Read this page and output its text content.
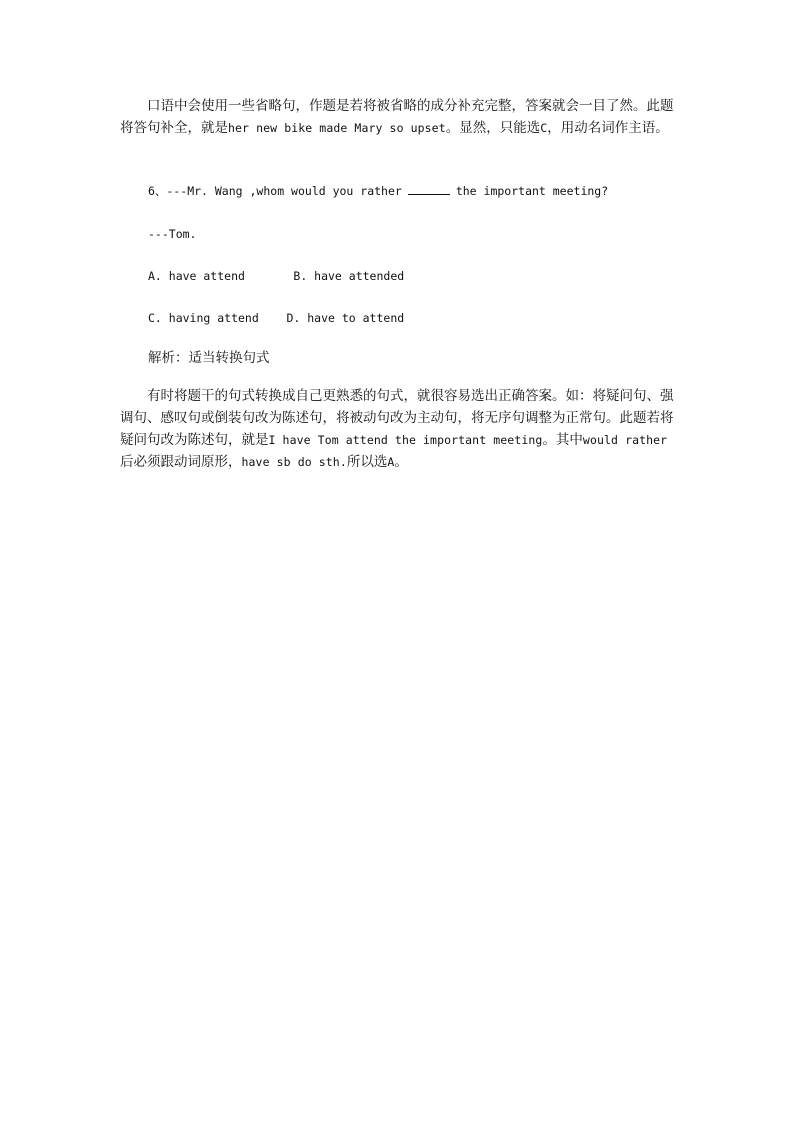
口语中会使用一些省略句，作题是若将被省略的成分补充完整，答案就会一目了然。此题将答句补全，就是her new bike made Mary so upset。显然，只能选C，用动名词作主语。

6、---Mr. Wang ,whom would you rather	the important meeting?

---Tom.

A. have attend       B. have attended

C. having attend    D. have to attend

解析：适当转换句式

有时将题干的句式转换成自己更熟悉的句式，就很容易选出正确答案。如：将疑问句、强调句、感叹句或倒装句改为陈述句，将被动句改为主动句，将无序句调整为正常句。此题若将疑问句改为陈述句，就是I have Tom attend the important meeting。其中would rather后必须跟动词原形，have sb do sth.所以选A。
